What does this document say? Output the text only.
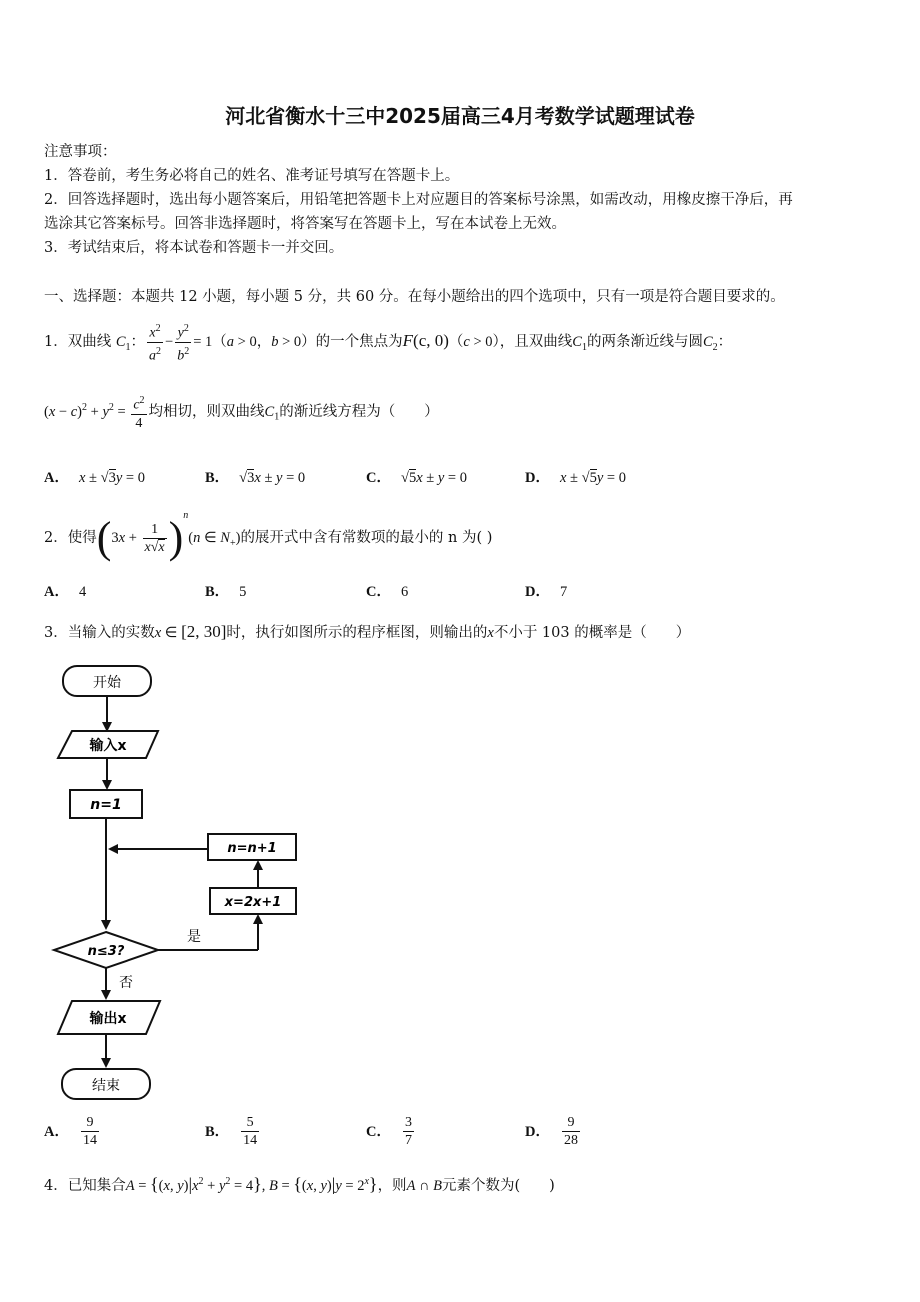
河北省衡水十三中2025届高三4月考数学试题理试卷
注意事项：
1．答卷前，考生务必将自己的姓名、准考证号填写在答题卡上。
2．回答选择题时，选出每小题答案后，用铅笔把答题卡上对应题目的答案标号涂黑，如需改动，用橡皮擦干净后，再
选涂其它答案标号。回答非选择题时，将答案写在答题卡上，写在本试卷上无效。
3．考试结束后，将本试卷和答题卡一并交回。
一、选择题：本题共 12 小题，每小题 5 分，共 60 分。在每小题给出的四个选项中，只有一项是符合题目要求的。
1．双曲线 $C_1$： $\frac{x^2}{a^2} - \frac{y^2}{b^2} = 1(a > 0$，b > 0）的一个焦点为F(c, 0)（c > 0），且双曲线$C_1$的两条渐近线与圆$C_2$：
$(x - c)^2 + y^2 = \frac{c^2}{4}$ 均相切，则双曲线$C_1$的渐近线方程为（　　）
A． x ± √3y = 0	B． √3x ± y = 0	C． √5x ± y = 0	D． x ± √5y = 0
2．使得$(3x + \frac{1}{x√x} )^n(n$ ∈ $N_+$)的展开式中含有常数项的最小的 n 为( )
A． 4	B． 5	C． 6	D． 7
3．当输入的实数x ∈ [2, 30]时，执行如图所示的程序框图，则输出的x不小于 103 的概率是（　　）
开始
输入x
n=1
n≤3?
是
x=2x+1
n=n+1
否
输出x
结束
A． $\frac{9}{14}$	B． $\frac{5}{14}$	C． $\frac{3}{7}$	D． $\frac{9}{28}$
4．已知集合A = {(x, $y)|x^2 + y^2 = 4$}, B = {(x, $y)|y = 2^x$}，则A ∩ B元素个数为(　　)
